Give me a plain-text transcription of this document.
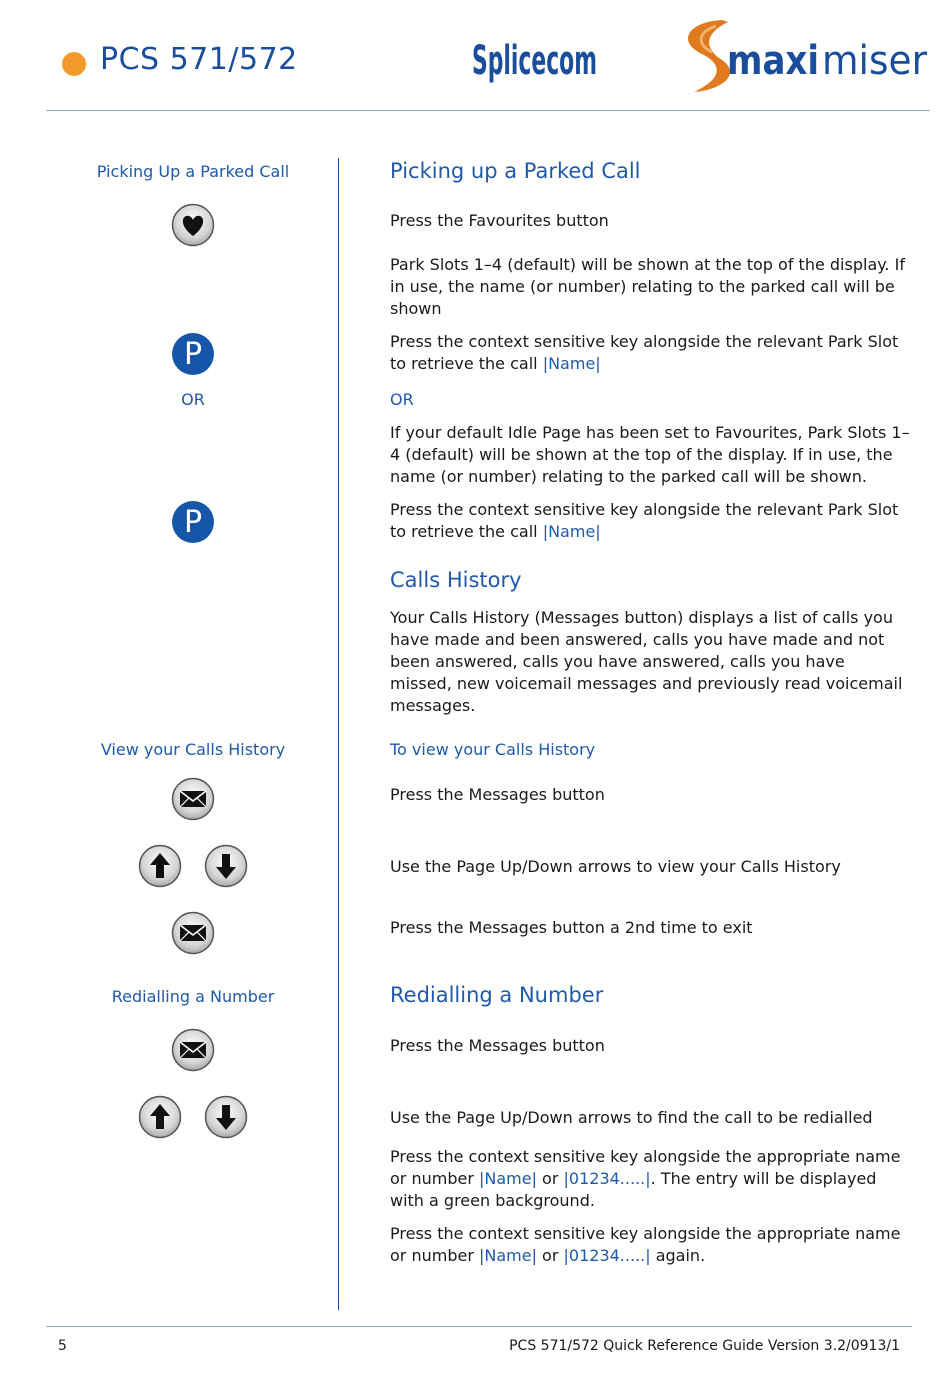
PCS 571/572	Splicecom	maxi miser
Picking Up a Parked Call
P
OR
P
View your Calls History
Redialling a Number
Picking up a Parked Call
Press the Favourites button
Park Slots 1–4 (default) will be shown at the top of the display. If in use, the name (or number) relating to the parked call will be shown
Press the context sensitive key alongside the relevant Park Slot to retrieve the call |Name|
OR
If your default Idle Page has been set to Favourites, Park Slots 1–4 (default) will be shown at the top of the display. If in use, the name (or number) relating to the parked call will be shown.
Press the context sensitive key alongside the relevant Park Slot to retrieve the call |Name|
Calls History
Your Calls History (Messages button) displays a list of calls you have made and been answered, calls you have made and not been answered, calls you have answered, calls you have missed, new voicemail messages and previously read voicemail messages.
To view your Calls History
Press the Messages button
Use the Page Up/Down arrows to view your Calls History
Press the Messages button a 2nd time to exit
Redialling a Number
Press the Messages button
Use the Page Up/Down arrows to find the call to be redialled
Press the context sensitive key alongside the appropriate name or number |Name| or |01234.....|. The entry will be displayed with a green background.
Press the context sensitive key alongside the appropriate name or number |Name| or |01234.....| again.
5	PCS 571/572 Quick Reference Guide Version 3.2/0913/1
